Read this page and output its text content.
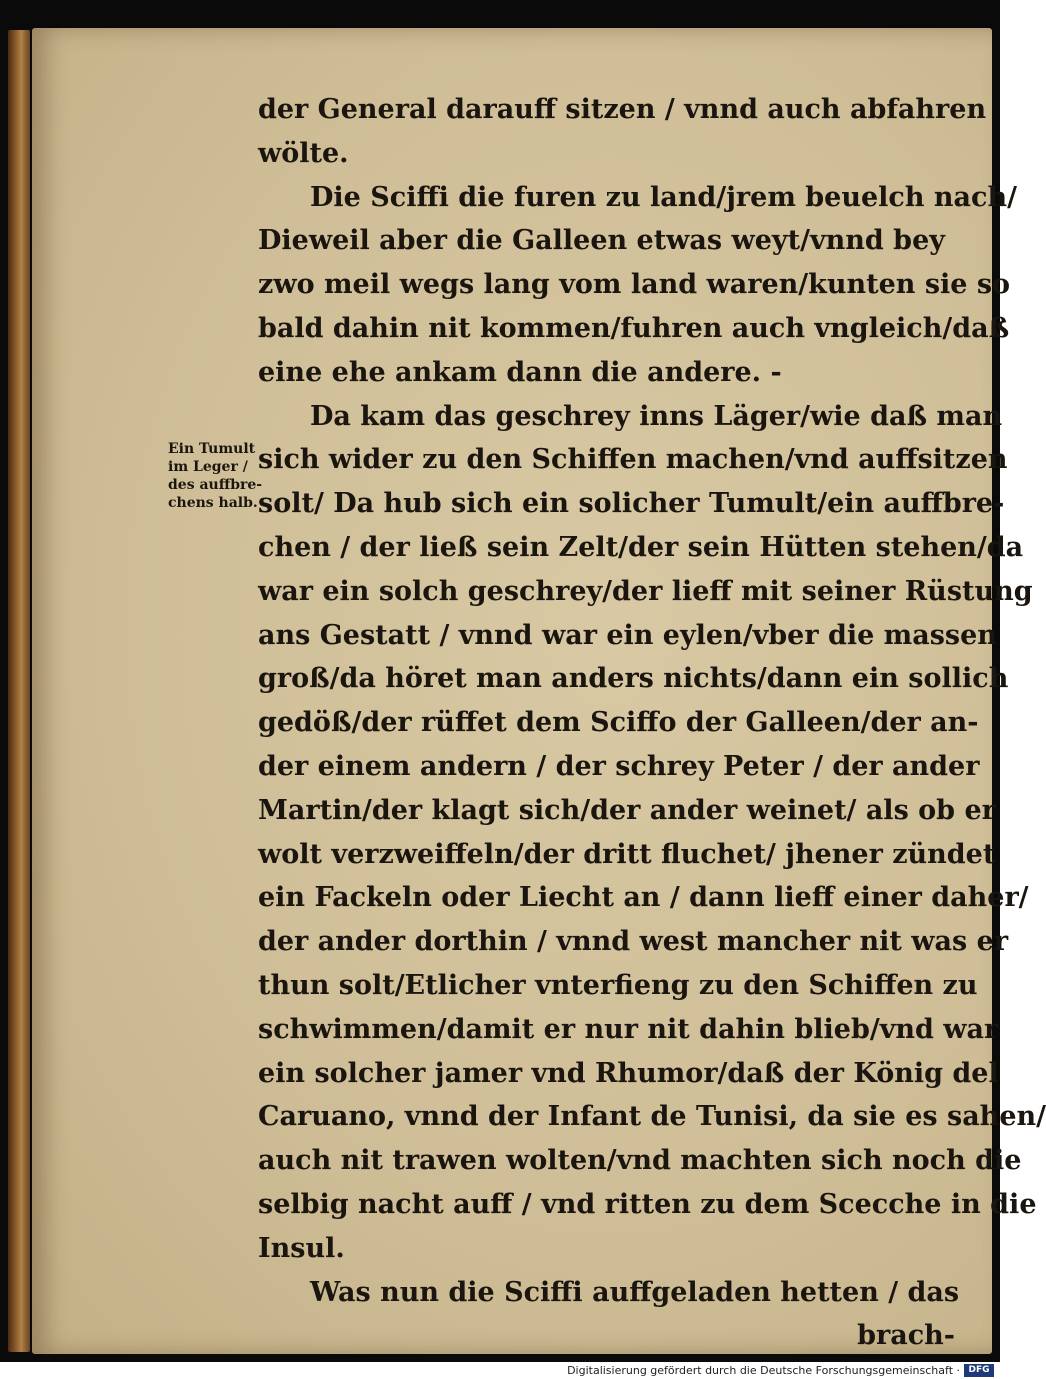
Ein Tumult
im Leger /
des auffbre-
chens halb.
der General darauff sitzen / vnnd auch abfahren
wölte.
Die Sciffi die furen zu land/jrem beuelch nach/
Dieweil aber die Galleen etwas weyt/vnnd bey
zwo meil wegs lang vom land waren/kunten sie so
bald dahin nit kommen/fuhren auch vngleich/daß
eine ehe ankam dann die andere. -
Da kam das geschrey inns Läger/wie daß man
sich wider zu den Schiffen machen/vnd auffsitzen
solt/ Da hub sich ein solicher Tumult/ein auffbre-
chen / der ließ sein Zelt/der sein Hütten stehen/da
war ein solch geschrey/der lieff mit seiner Rüstung
ans Gestatt / vnnd war ein eylen/vber die massen
groß/da höret man anders nichts/dann ein sollich
gedöß/der rüffet dem Sciffo der Galleen/der an-
der einem andern / der schrey Peter / der ander
Martin/der klagt sich/der ander weinet/ als ob er
wolt verzweiffeln/der dritt fluchet/ jhener zündet
ein Fackeln oder Liecht an / dann lieff einer daher/
der ander dorthin / vnnd west mancher nit was er
thun solt/Etlicher vnterfieng zu den Schiffen zu
schwimmen/damit er nur nit dahin blieb/vnd war
ein solcher jamer vnd Rhumor/daß der König del
Caruano, vnnd der Infant de Tunisi, da sie es sahen/
auch nit trawen wolten/vnd machten sich noch die
selbig nacht auff / vnd ritten zu dem Scecche in die
Insul.
Was nun die Sciffi auffgeladen hetten / das
brach-
Digitalisierung gefördert durch die Deutsche Forschungsgemeinschaft · DFG
